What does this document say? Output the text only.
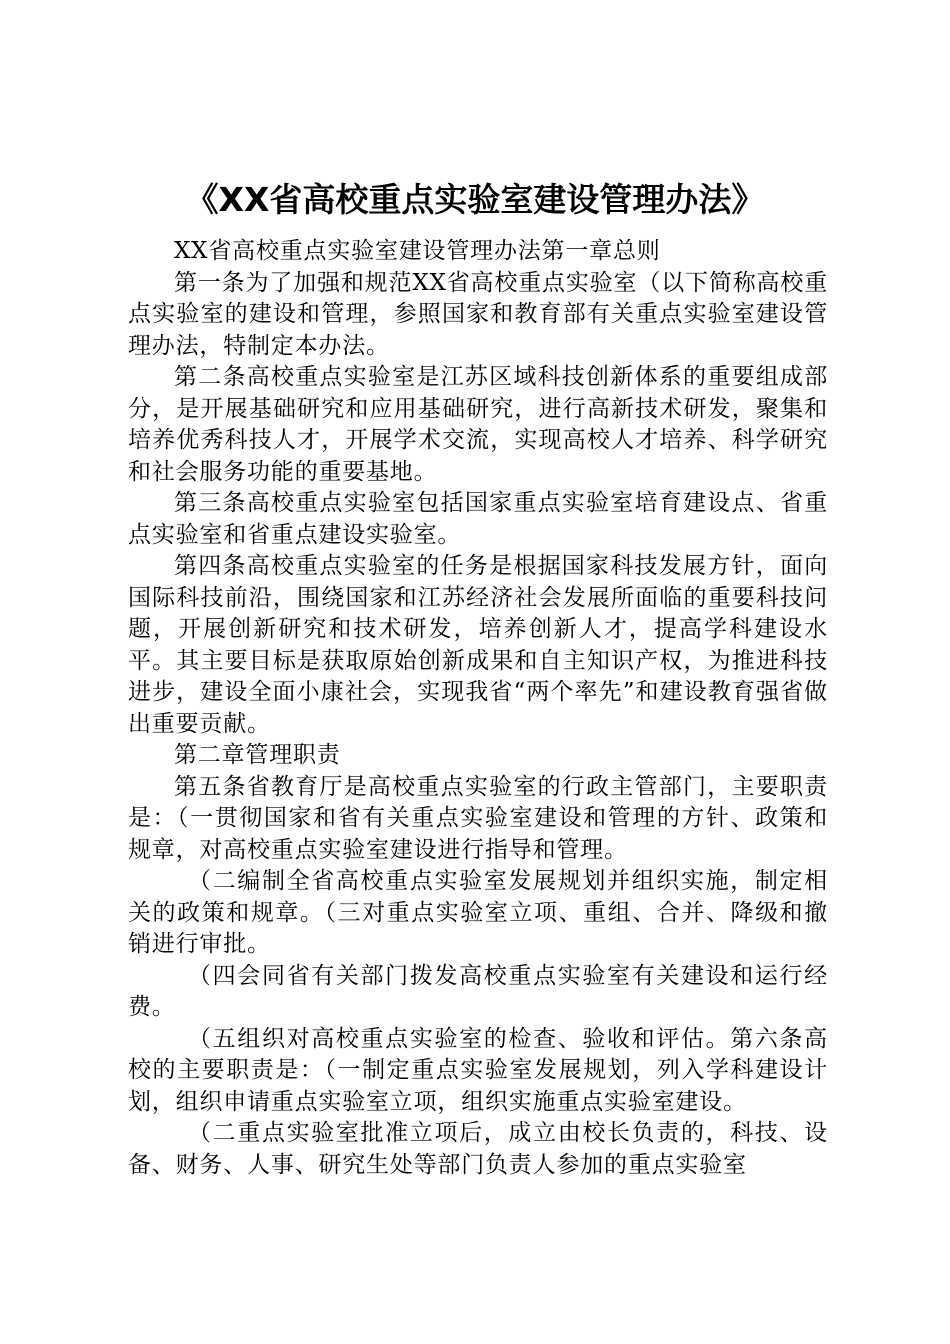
《XX省高校重点实验室建设管理办法》

XX省高校重点实验室建设管理办法第一章总则

第一条为了加强和规范XX省高校重点实验室（以下简称高校重点实验室的建设和管理，参照国家和教育部有关重点实验室建设管理办法，特制定本办法。

第二条高校重点实验室是江苏区域科技创新体系的重要组成部分，是开展基础研究和应用基础研究，进行高新技术研发，聚集和培养优秀科技人才，开展学术交流，实现高校人才培养、科学研究和社会服务功能的重要基地。

第三条高校重点实验室包括国家重点实验室培育建设点、省重点实验室和省重点建设实验室。

第四条高校重点实验室的任务是根据国家科技发展方针，面向国际科技前沿，围绕国家和江苏经济社会发展所面临的重要科技问题，开展创新研究和技术研发，培养创新人才，提高学科建设水平。其主要目标是获取原始创新成果和自主知识产权，为推进科技进步，建设全面小康社会，实现我省“两个率先”和建设教育强省做出重要贡献。

第二章管理职责

第五条省教育厅是高校重点实验室的行政主管部门，主要职责是：（一贯彻国家和省有关重点实验室建设和管理的方针、政策和规章，对高校重点实验室建设进行指导和管理。

（二编制全省高校重点实验室发展规划并组织实施，制定相关的政策和规章。（三对重点实验室立项、重组、合并、降级和撤销进行审批。

（四会同省有关部门拨发高校重点实验室有关建设和运行经费。

（五组织对高校重点实验室的检查、验收和评估。第六条高校的主要职责是：（一制定重点实验室发展规划，列入学科建设计划，组织申请重点实验室立项，组织实施重点实验室建设。

（二重点实验室批准立项后，成立由校长负责的，科技、设备、财务、人事、研究生处等部门负责人参加的重点实验室
